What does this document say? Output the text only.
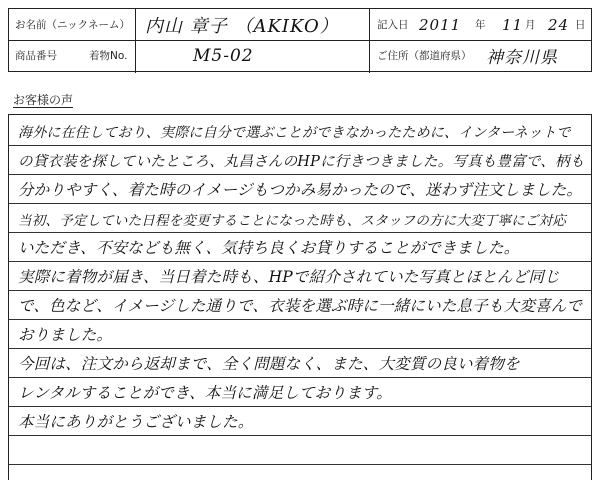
お名前（ニックネーム） 内山 章子 （AKIKO）	記入日 2011 年 11 月 24 日
商品番号	着物No.	M5-02	ご住所（都道府県） 神奈川県
お客様の声
海外に在住しており、実際に自分で選ぶことができなかったために、インターネットで
の貸衣装を探していたところ、丸昌さんのHPに行きつきました。写真も豊富で、柄も
分かりやすく、着た時のイメージもつかみ易かったので、迷わず注文しました。
当初、予定していた日程を変更することになった時も、スタッフの方に大変丁寧にご対応
いただき、不安なども無く、気持ち良くお貸りすることができました。
実際に着物が届き、当日着た時も、HPで紹介されていた写真とほとんど同じ
で、色など、イメージした通りで、衣装を選ぶ時に一緒にいた息子も大変喜んで
おりました。
今回は、注文から返却まで、全く問題なく、また、大変質の良い着物を
レンタルすることができ、本当に満足しております。
本当にありがとうございました。
